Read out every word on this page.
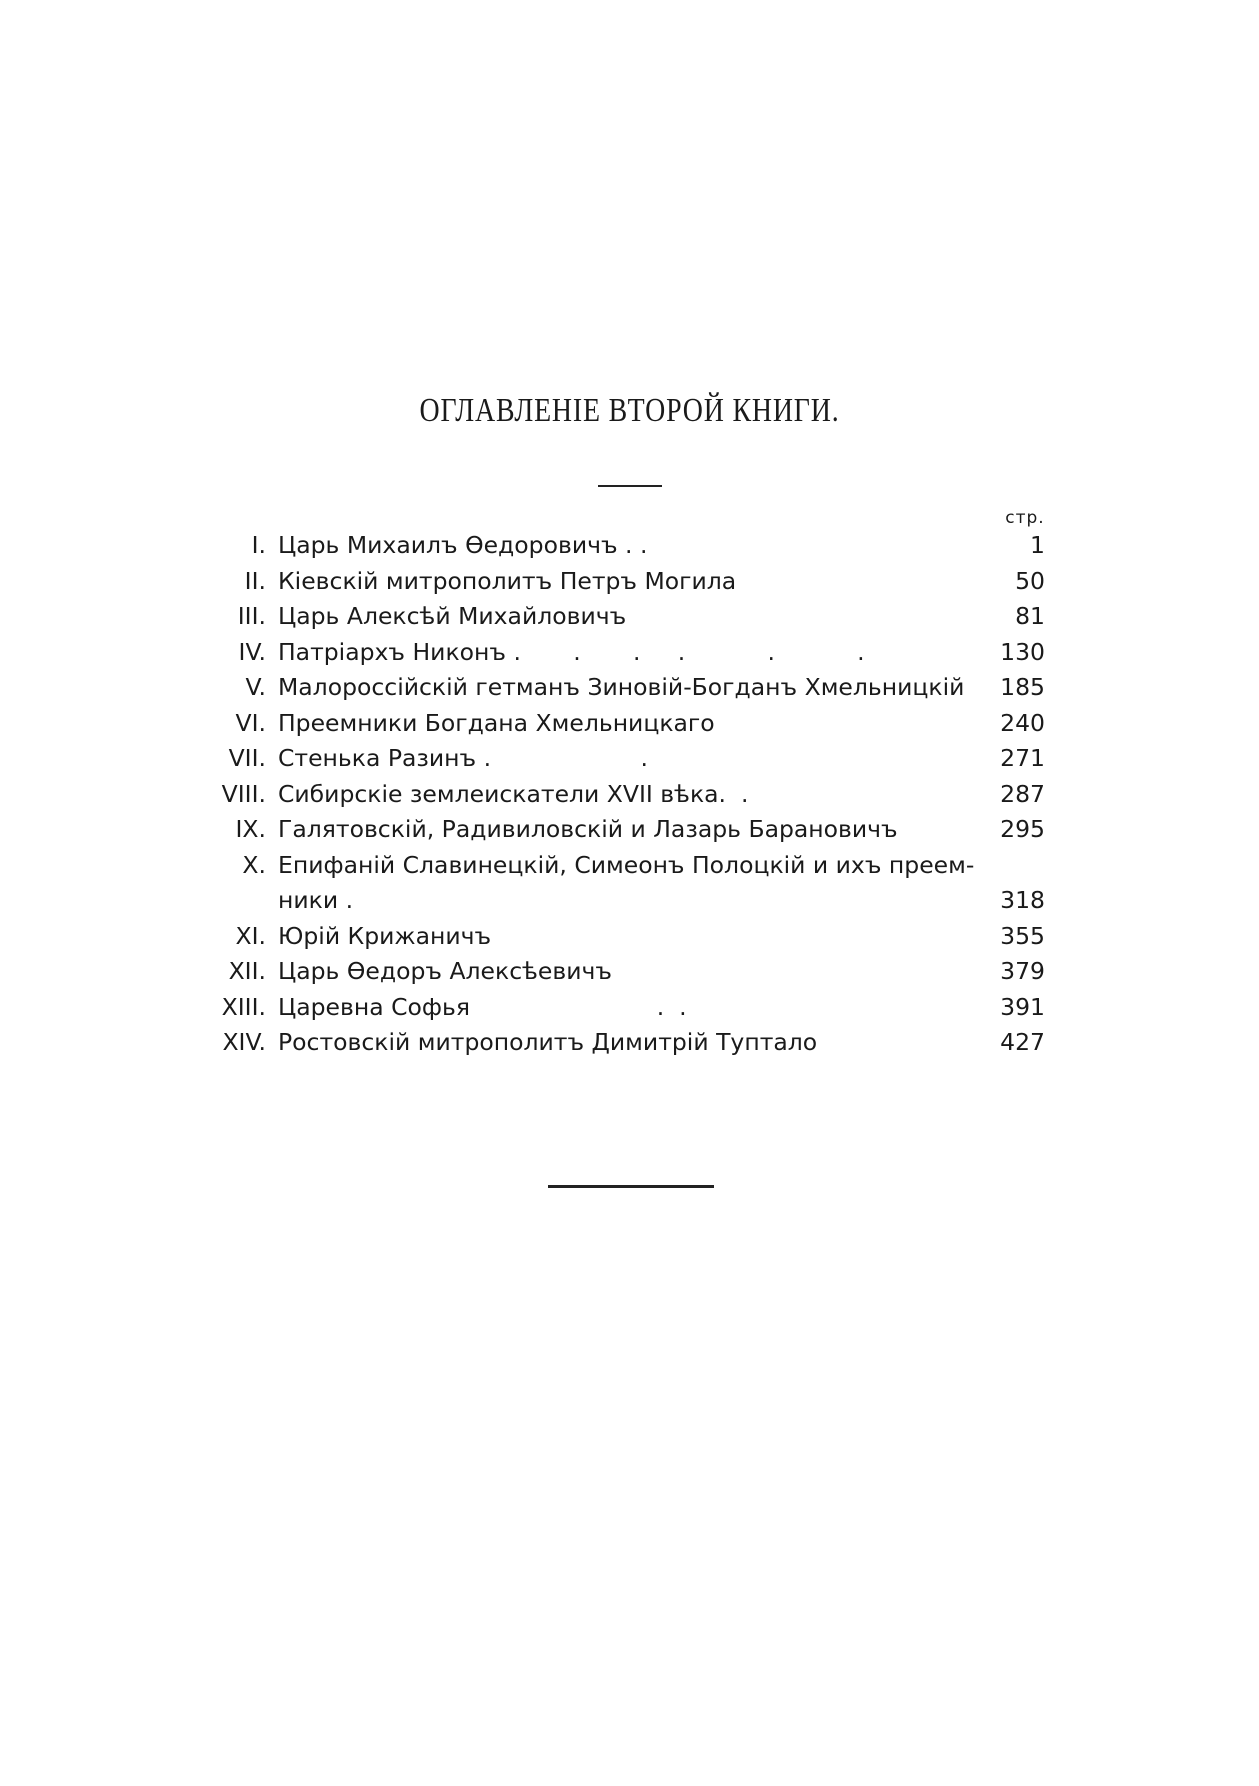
ОГЛАВЛЕНІЕ ВТОРОЙ КНИГИ.
стр.
I. Царь Михаилъ Ѳедоровичъ . .	1
II. Кіевскій митрополитъ Петръ Могила	50
III. Царь Алексѣй Михайловичъ	81
IV. Патріархъ Никонъ .       .       .     .           .           .	130
V. Малороссійскій гетманъ Зиновій-Богданъ Хмельницкій	185
VI. Преемники Богдана Хмельницкаго	240
VII. Стенька Разинъ .                    .	271
VIII. Сибирскіе землеискатели XVII вѣка.  .	287
IX. Галятовскій, Радивиловскій и Лазарь Барановичъ	295
X. Епифаній Славинецкій, Симеонъ Полоцкій и ихъ преем-ники .	318
XI. Юрій Крижаничъ	355
XII. Царь Ѳедоръ Алексѣевичъ	379
XIII. Царевна Софья                         .  .	391
XIV. Ростовскій митрополитъ Димитрій Туптало	427
